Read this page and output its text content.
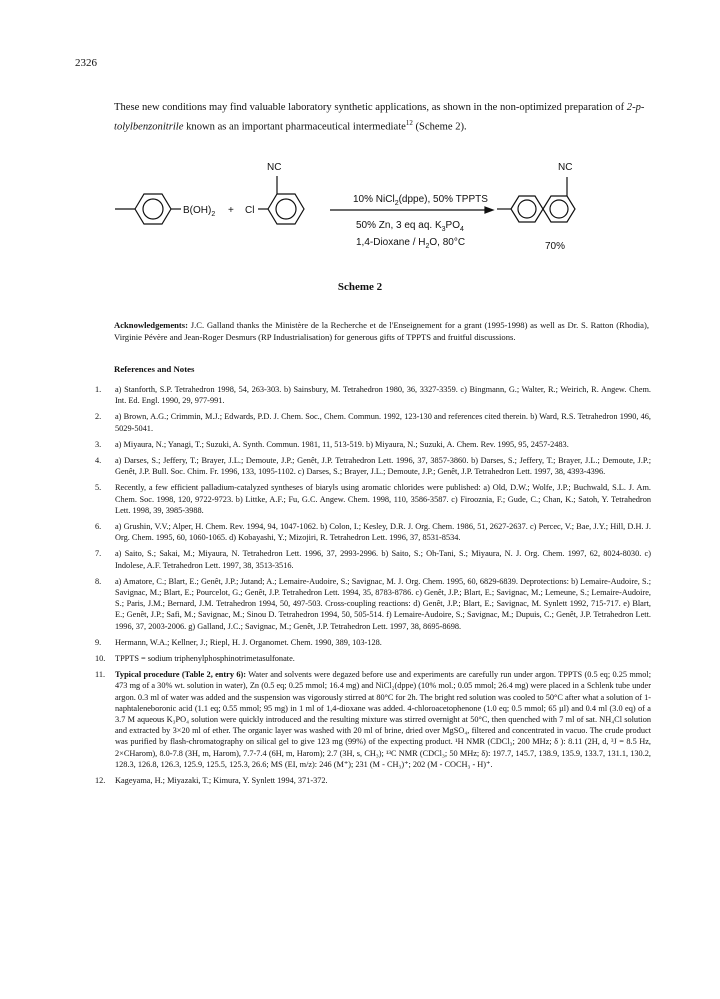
2326
These new conditions may find valuable laboratory synthetic applications, as shown in the non-optimized preparation of 2-p-tolylbenzonitrile known as an important pharmaceutical intermediate$^{12}$ (Scheme 2).
$B(OH)_2 + Cl$
NC
10% NiCl$_2$(dppe), 50% TPPTS
50% Zn, 3 eq aq. $K_3PO_4$
1,4-Dioxane / $H_2O$, 80°C
NC
70%
Scheme 2
Acknowledgements: J.C. Galland thanks the Ministère de la Recherche et de l'Enseignement for a grant (1995-1998) as well as Dr. S. Ratton (Rhodia), Virginie Pévère and Jean-Roger Desmurs (RP Industrialisation) for generous gifts of TPPTS and fruitful discussions.
References and Notes
1.	a) Stanforth, S.P. Tetrahedron 1998, 54, 263-303. b) Sainsbury, M. Tetrahedron 1980, 36, 3327-3359. c) Bingmann, G.; Walter, R.; Weirich, R. Angew. Chem. Int. Ed. Engl. 1990, 29, 977-991.
2.	a) Brown, A.G.; Crimmin, M.J.; Edwards, P.D. J. Chem. Soc., Chem. Commun. 1992, 123-130 and references cited therein. b) Ward, R.S. Tetrahedron 1990, 46, 5029-5041.
3.	a) Miyaura, N.; Yanagi, T.; Suzuki, A. Synth. Commun. 1981, 11, 513-519. b) Miyaura, N.; Suzuki, A. Chem. Rev. 1995, 95, 2457-2483.
4.	a) Darses, S.; Jeffery, T.; Brayer, J.L.; Demoute, J.P.; Genêt, J.P. Tetrahedron Lett. 1996, 37, 3857-3860. b) Darses, S.; Jeffery, T.; Brayer, J.L.; Demoute, J.P.; Genêt, J.P. Bull. Soc. Chim. Fr. 1996, 133, 1095-1102. c) Darses, S.; Brayer, J.L.; Demoute, J.P.; Genêt, J.P. Tetrahedron Lett. 1997, 38, 4393-4396.
5.	Recently, a few efficient palladium-catalyzed syntheses of biaryls using aromatic chlorides were published: a) Old, D.W.; Wolfe, J.P.; Buchwald, S.L. J. Am. Chem. Soc. 1998, 120, 9722-9723. b) Littke, A.F.; Fu, G.C. Angew. Chem. 1998, 110, 3586-3587. c) Firooznia, F.; Gude, C.; Chan, K.; Satoh, Y. Tetrahedron Lett. 1998, 39, 3985-3988.
6.	a) Grushin, V.V.; Alper, H. Chem. Rev. 1994, 94, 1047-1062. b) Colon, I.; Kesley, D.R. J. Org. Chem. 1986, 51, 2627-2637. c) Percec, V.; Bae, J.Y.; Hill, D.H. J. Org. Chem. 1995, 60, 1060-1065. d) Kobayashi, Y.; Mizojiri, R. Tetrahedron Lett. 1996, 37, 8531-8534.
7.	a) Saito, S.; Sakai, M.; Miyaura, N. Tetrahedron Lett. 1996, 37, 2993-2996. b) Saito, S.; Oh-Tani, S.; Miyaura, N. J. Org. Chem. 1997, 62, 8024-8030. c) Indolese, A.F. Tetrahedron Lett. 1997, 38, 3513-3516.
8.	a) Amatore, C.; Blart, E.; Genêt, J.P.; Jutand; A.; Lemaire-Audoire, S.; Savignac, M. J. Org. Chem. 1995, 60, 6829-6839. Deprotections: b) Lemaire-Audoire, S.; Savignac, M.; Blart, E.; Pourcelot, G.; Genêt, J.P. Tetrahedron Lett. 1994, 35, 8783-8786. c) Genêt, J.P.; Blart, E.; Savignac, M.; Lemeune, S.; Lemaire-Audoire, S.; Paris, J.M.; Bernard, J.M. Tetrahedron 1994, 50, 497-503. Cross-coupling reactions: d) Genêt, J.P.; Blart, E.; Savignac, M. Synlett 1992, 715-717. e) Blart, E.; Genêt, J.P.; Safi, M.; Savignac, M.; Sinou D. Tetrahedron 1994, 50, 505-514. f) Lemaire-Audoire, S.; Savignac, M.; Dupuis, C.; Genêt, J.P. Tetrahedron Lett. 1996, 37, 2003-2006. g) Galland, J.C.; Savignac, M.; Genêt, J.P. Tetrahedron Lett. 1997, 38, 8695-8698.
9.	Hermann, W.A.; Kellner, J.; Riepl, H. J. Organomet. Chem. 1990, 389, 103-128.
10.	TPPTS = sodium triphenylphosphinotrimetasulfonate.
11.	Typical procedure (Table 2, entry 6): Water and solvents were degazed before use and experiments are carefully run under argon. TPPTS (0.5 eq; 0.25 mmol; 473 mg of a 30% wt. solution in water), Zn (0.5 eq; 0.25 mmol; 16.4 mg) and NiCl₂(dppe) (10% mol.; 0.05 mmol; 26.4 mg) were placed in a Schlenk tube under argon. 0.3 ml of water was added and the suspension was vigorously stirred at 80°C for 2h. The bright red solution was cooled to 50°C after what a solution of 1-naphtaleneboronic acid (1.1 eq; 0.55 mmol; 95 mg) in 1 ml of 1,4-dioxane was added. 4-chloroacetophenone (1.0 eq; 0.5 mmol; 65 µl) and 0.4 ml (3.0 eq) of a 3.7 M aqueous K₃PO₄ solution were quickly introduced and the resulting mixture was stirred overnight at 50°C, then quenched with 7 ml of sat. NH₄Cl solution and extracted by 3×20 ml of ether. The organic layer was washed with 20 ml of brine, dried over MgSO₄, filtered and concentrated in vacuo. The crude product was purified by flash-chromatography on silical gel to give 123 mg (99%) of the expecting product. ¹H NMR (CDCl₃; 200 MHz; δ ): 8.11 (2H, d, ³J = 8.5 Hz, 2×CHarom), 8.0-7.8 (3H, m, Harom), 7.7-7.4 (6H, m, Harom); 2.7 (3H, s, CH₃); ¹³C NMR (CDCl₃; 50 MHz; δ): 197.7, 145.7, 138.9, 135.9, 133.7, 131.1, 130.2, 128.3, 126.8, 126.3, 125.9, 125.5, 125.3, 26.6; MS (EI, m/z): 246 (M⁺); 231 (M - CH₃)⁺; 202 (M - COCH₃ - H)⁺.
12.	Kageyama, H.; Miyazaki, T.; Kimura, Y. Synlett 1994, 371-372.
